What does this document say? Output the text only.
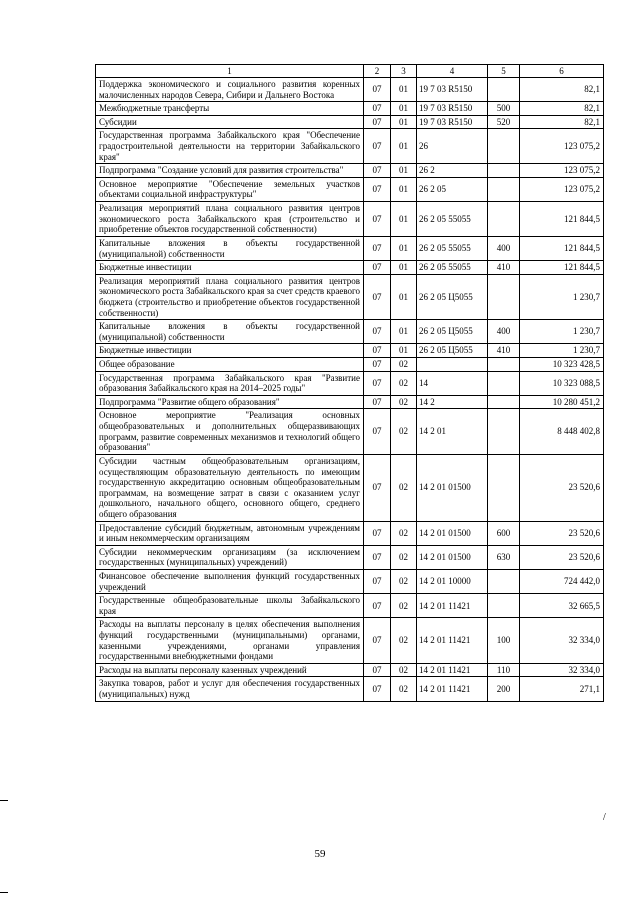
1	2	3	4	5	6
Поддержка экономического и социального развития коренных малочисленных народов Севера, Сибири и Дальнего Востока	07	01	19 7 03 R5150		82,1
Межбюджетные трансферты	07	01	19 7 03 R5150	500	82,1
Субсидии	07	01	19 7 03 R5150	520	82,1
Государственная программа Забайкальского края "Обеспечение градостроительной деятельности на территории Забайкальского края"	07	01	26		123 075,2
Подпрограмма "Создание условий для развития строительства"	07	01	26 2		123 075,2
Основное мероприятие "Обеспечение земельных участков объектами социальной инфраструктуры"	07	01	26 2 05		123 075,2
Реализация мероприятий плана социального развития центров экономического роста Забайкальского края (строительство и приобретение объектов государственной собственности)	07	01	26 2 05 55055		121 844,5
Капитальные вложения в объекты государственной (муниципальной) собственности	07	01	26 2 05 55055	400	121 844,5
Бюджетные инвестиции	07	01	26 2 05 55055	410	121 844,5
Реализация мероприятий плана социального развития центров экономического роста Забайкальского края за счет средств краевого бюджета (строительство и приобретение объектов государственной собственности)	07	01	26 2 05 Ц5055		1 230,7
Капитальные вложения в объекты государственной (муниципальной) собственности	07	01	26 2 05 Ц5055	400	1 230,7
Бюджетные инвестиции	07	01	26 2 05 Ц5055	410	1 230,7
Общее образование	07	02			10 323 428,5
Государственная программа Забайкальского края "Развитие образования Забайкальского края на 2014–2025 годы"	07	02	14		10 323 088,5
Подпрограмма "Развитие общего образования"	07	02	14 2		10 280 451,2
Основное мероприятие "Реализация основных общеобразовательных и дополнительных общеразвивающих программ, развитие современных механизмов и технологий общего образования"	07	02	14 2 01		8 448 402,8
Субсидии частным общеобразовательным организациям, осуществляющим образовательную деятельность по имеющим государственную аккредитацию основным общеобразовательным программам, на возмещение затрат в связи с оказанием услуг дошкольного, начального общего, основного общего, среднего общего образования	07	02	14 2 01 01500		23 520,6
Предоставление субсидий бюджетным, автономным учреждениям и иным некоммерческим организациям	07	02	14 2 01 01500	600	23 520,6
Субсидии некоммерческим организациям (за исключением государственных (муниципальных) учреждений)	07	02	14 2 01 01500	630	23 520,6
Финансовое обеспечение выполнения функций государственных учреждений	07	02	14 2 01 10000		724 442,0
Государственные общеобразовательные школы Забайкальского края	07	02	14 2 01 11421		32 665,5
Расходы на выплаты персоналу в целях обеспечения выполнения функций государственными (муниципальными) органами, казенными учреждениями, органами управления государственными внебюджетными фондами	07	02	14 2 01 11421	100	32 334,0
Расходы на выплаты персоналу казенных учреждений	07	02	14 2 01 11421	110	32 334,0
Закупка товаров, работ и услуг для обеспечения государственных (муниципальных) нужд	07	02	14 2 01 11421	200	271,1
59
/
